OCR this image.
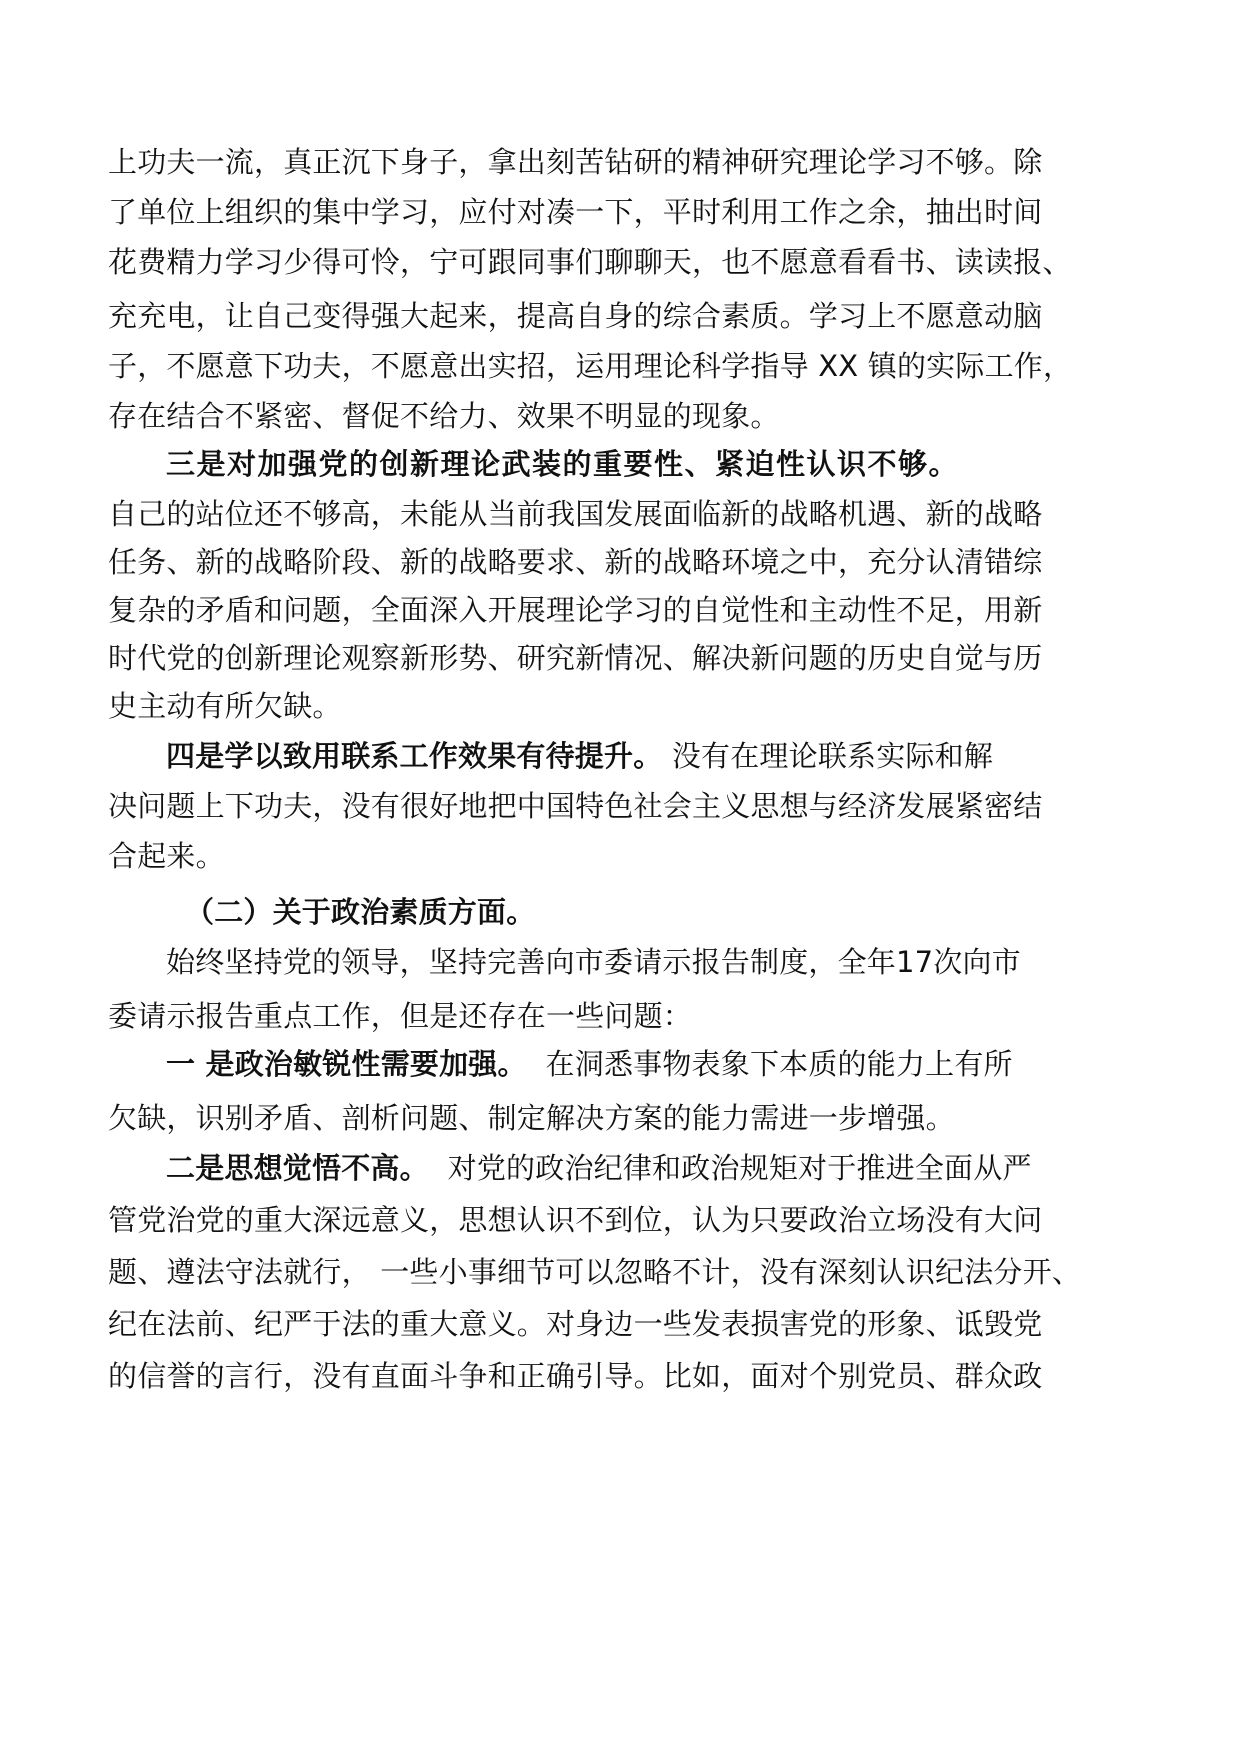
上功夫一流，真正沉下身子，拿出刻苦钻研的精神研究理论学习不够。除
了单位上组织的集中学习，应付对凑一下，平时利用工作之余，抽出时间
花费精力学习少得可怜，宁可跟同事们聊聊天，也不愿意看看书、读读报、
充充电，让自己变得强大起来，提高自身的综合素质。学习上不愿意动脑
子，不愿意下功夫，不愿意出实招，运用理论科学指导 XX 镇的实际工作，
存在结合不紧密、督促不给力、效果不明显的现象。
三是对加强党的创新理论武装的重要性、紧迫性认识不够。
自己的站位还不够高，未能从当前我国发展面临新的战略机遇、新的战略
任务、新的战略阶段、新的战略要求、新的战略环境之中，充分认清错综
复杂的矛盾和问题，全面深入开展理论学习的自觉性和主动性不足，用新
时代党的创新理论观察新形势、研究新情况、解决新问题的历史自觉与历
史主动有所欠缺。
四是学以致用联系工作效果有待提升。 没有在理论联系实际和解
决问题上下功夫，没有很好地把中国特色社会主义思想与经济发展紧密结
合起来。
（二）关于政治素质方面。
始终坚持党的领导，坚持完善向市委请示报告制度，全年17次向市
委请示报告重点工作，但是还存在一些问题：
一 是政治敏锐性需要加强。  在洞悉事物表象下本质的能力上有所
欠缺，识别矛盾、剖析问题、制定解决方案的能力需进一步增强。
二是思想觉悟不高。  对党的政治纪律和政治规矩对于推进全面从严
管党治党的重大深远意义，思想认识不到位，认为只要政治立场没有大问
题、遵法守法就行， 一些小事细节可以忽略不计，没有深刻认识纪法分开、
纪在法前、纪严于法的重大意义。对身边一些发表损害党的形象、诋毁党
的信誉的言行，没有直面斗争和正确引导。比如，面对个别党员、群众政
